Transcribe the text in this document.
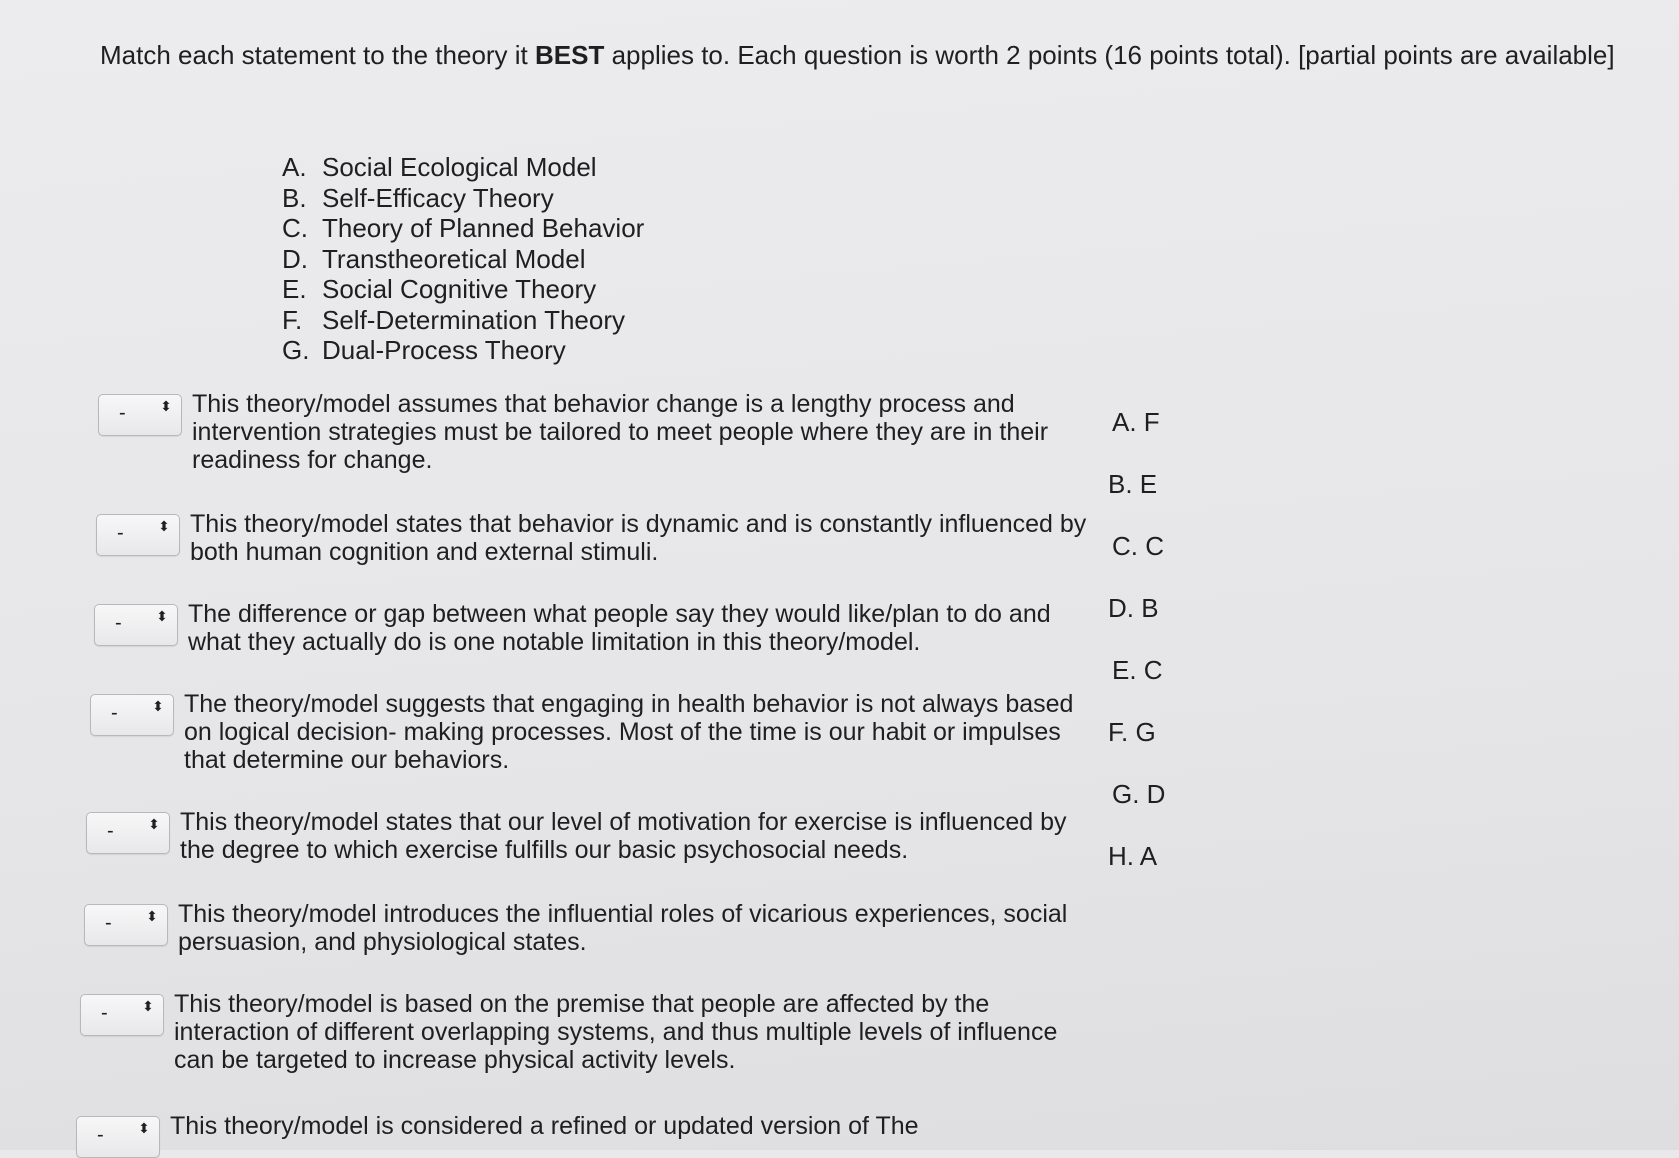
Match each statement to the theory it BEST applies to. Each question is worth 2 points (16 points total). [partial points are available]
A. Social Ecological Model
B. Self-Efficacy Theory
C. Theory of Planned Behavior
D. Transtheoretical Model
E. Social Cognitive Theory
F. Self-Determination Theory
G. Dual-Process Theory
- ⬍ This theory/model assumes that behavior change is a lengthy process and intervention strategies must be tailored to meet people where they are in their readiness for change.
- ⬍ This theory/model states that behavior is dynamic and is constantly influenced by both human cognition and external stimuli.
- ⬍ The difference or gap between what people say they would like/plan to do and what they actually do is one notable limitation in this theory/model.
- ⬍ The theory/model suggests that engaging in health behavior is not always based on logical decision- making processes. Most of the time is our habit or impulses that determine our behaviors.
- ⬍ This theory/model states that our level of motivation for exercise is influenced by the degree to which exercise fulfills our basic psychosocial needs.
- ⬍ This theory/model introduces the influential roles of vicarious experiences, social persuasion, and physiological states.
- ⬍ This theory/model is based on the premise that people are affected by the interaction of different overlapping systems, and thus multiple levels of influence can be targeted to increase physical activity levels.
- ⬍ This theory/model is considered a refined or updated version of The
A. F
B. E
C. C
D. B
E. C
F. G
G. D
H. A
